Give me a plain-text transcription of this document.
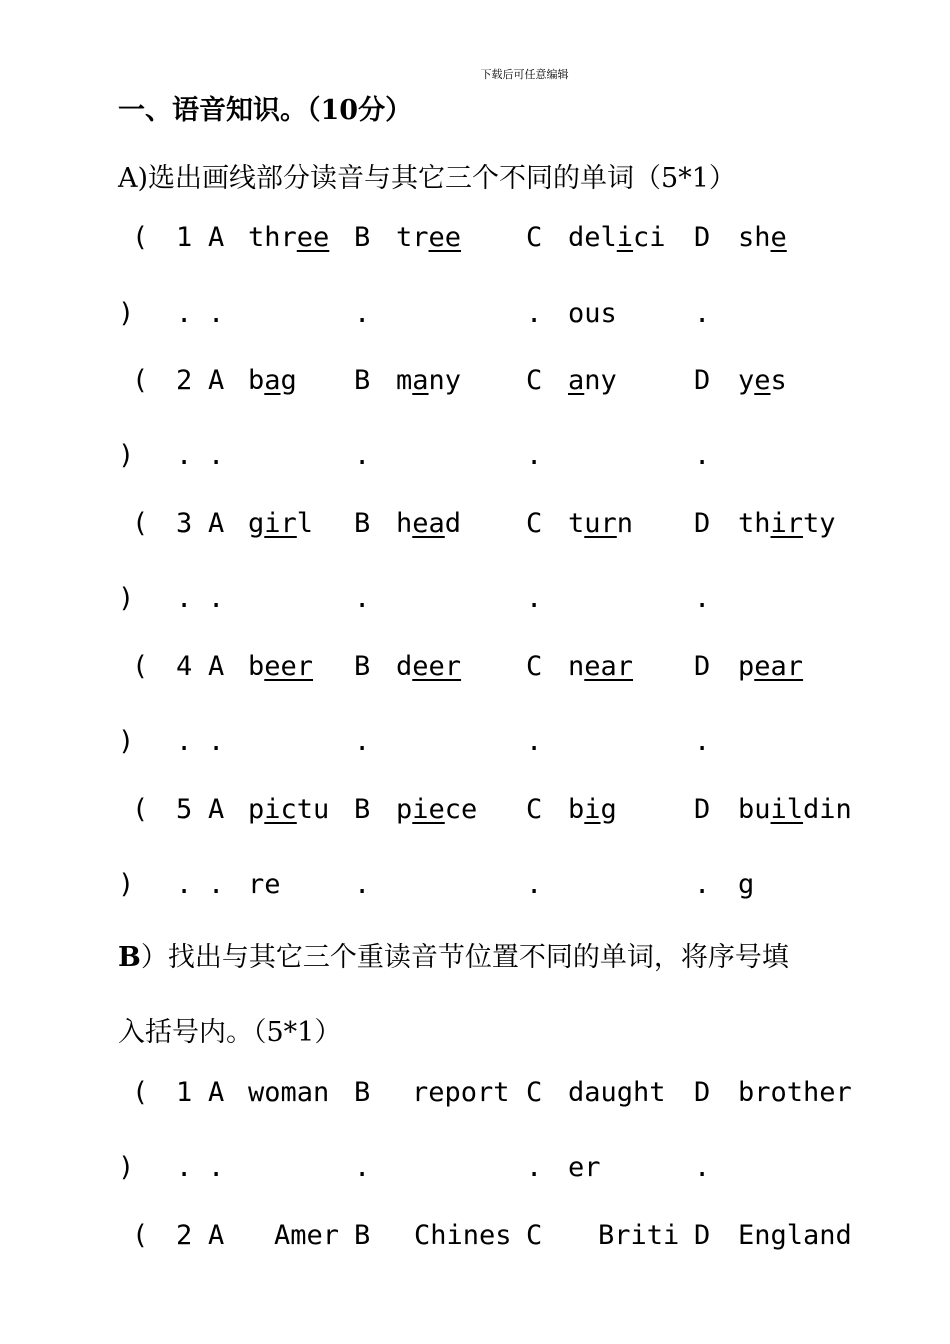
下载后可任意编辑
一、语音知识。（10分）
A)选出画线部分读音与其它三个不同的单词（5*1）
( 1 A three B tree C delici D she
) . .	.	. ous	.
( 2 A bag B many C any	D yes
) . .	.	.	.
( 3 A girl B head C turn D thirty
) . .	.	.	.
( 4 A beer B deer C near D pear
) . .	.	.	.
( 5 A pictu B piece C big	D buildin
) . . re	.	.	. g
B）找出与其它三个重读音节位置不同的单词，将序号填
入括号内。（5*1）
( 1 A woman B report C daught D brother
) . .	.	. er	.
( 2 A Amer B Chines C Briti D England
